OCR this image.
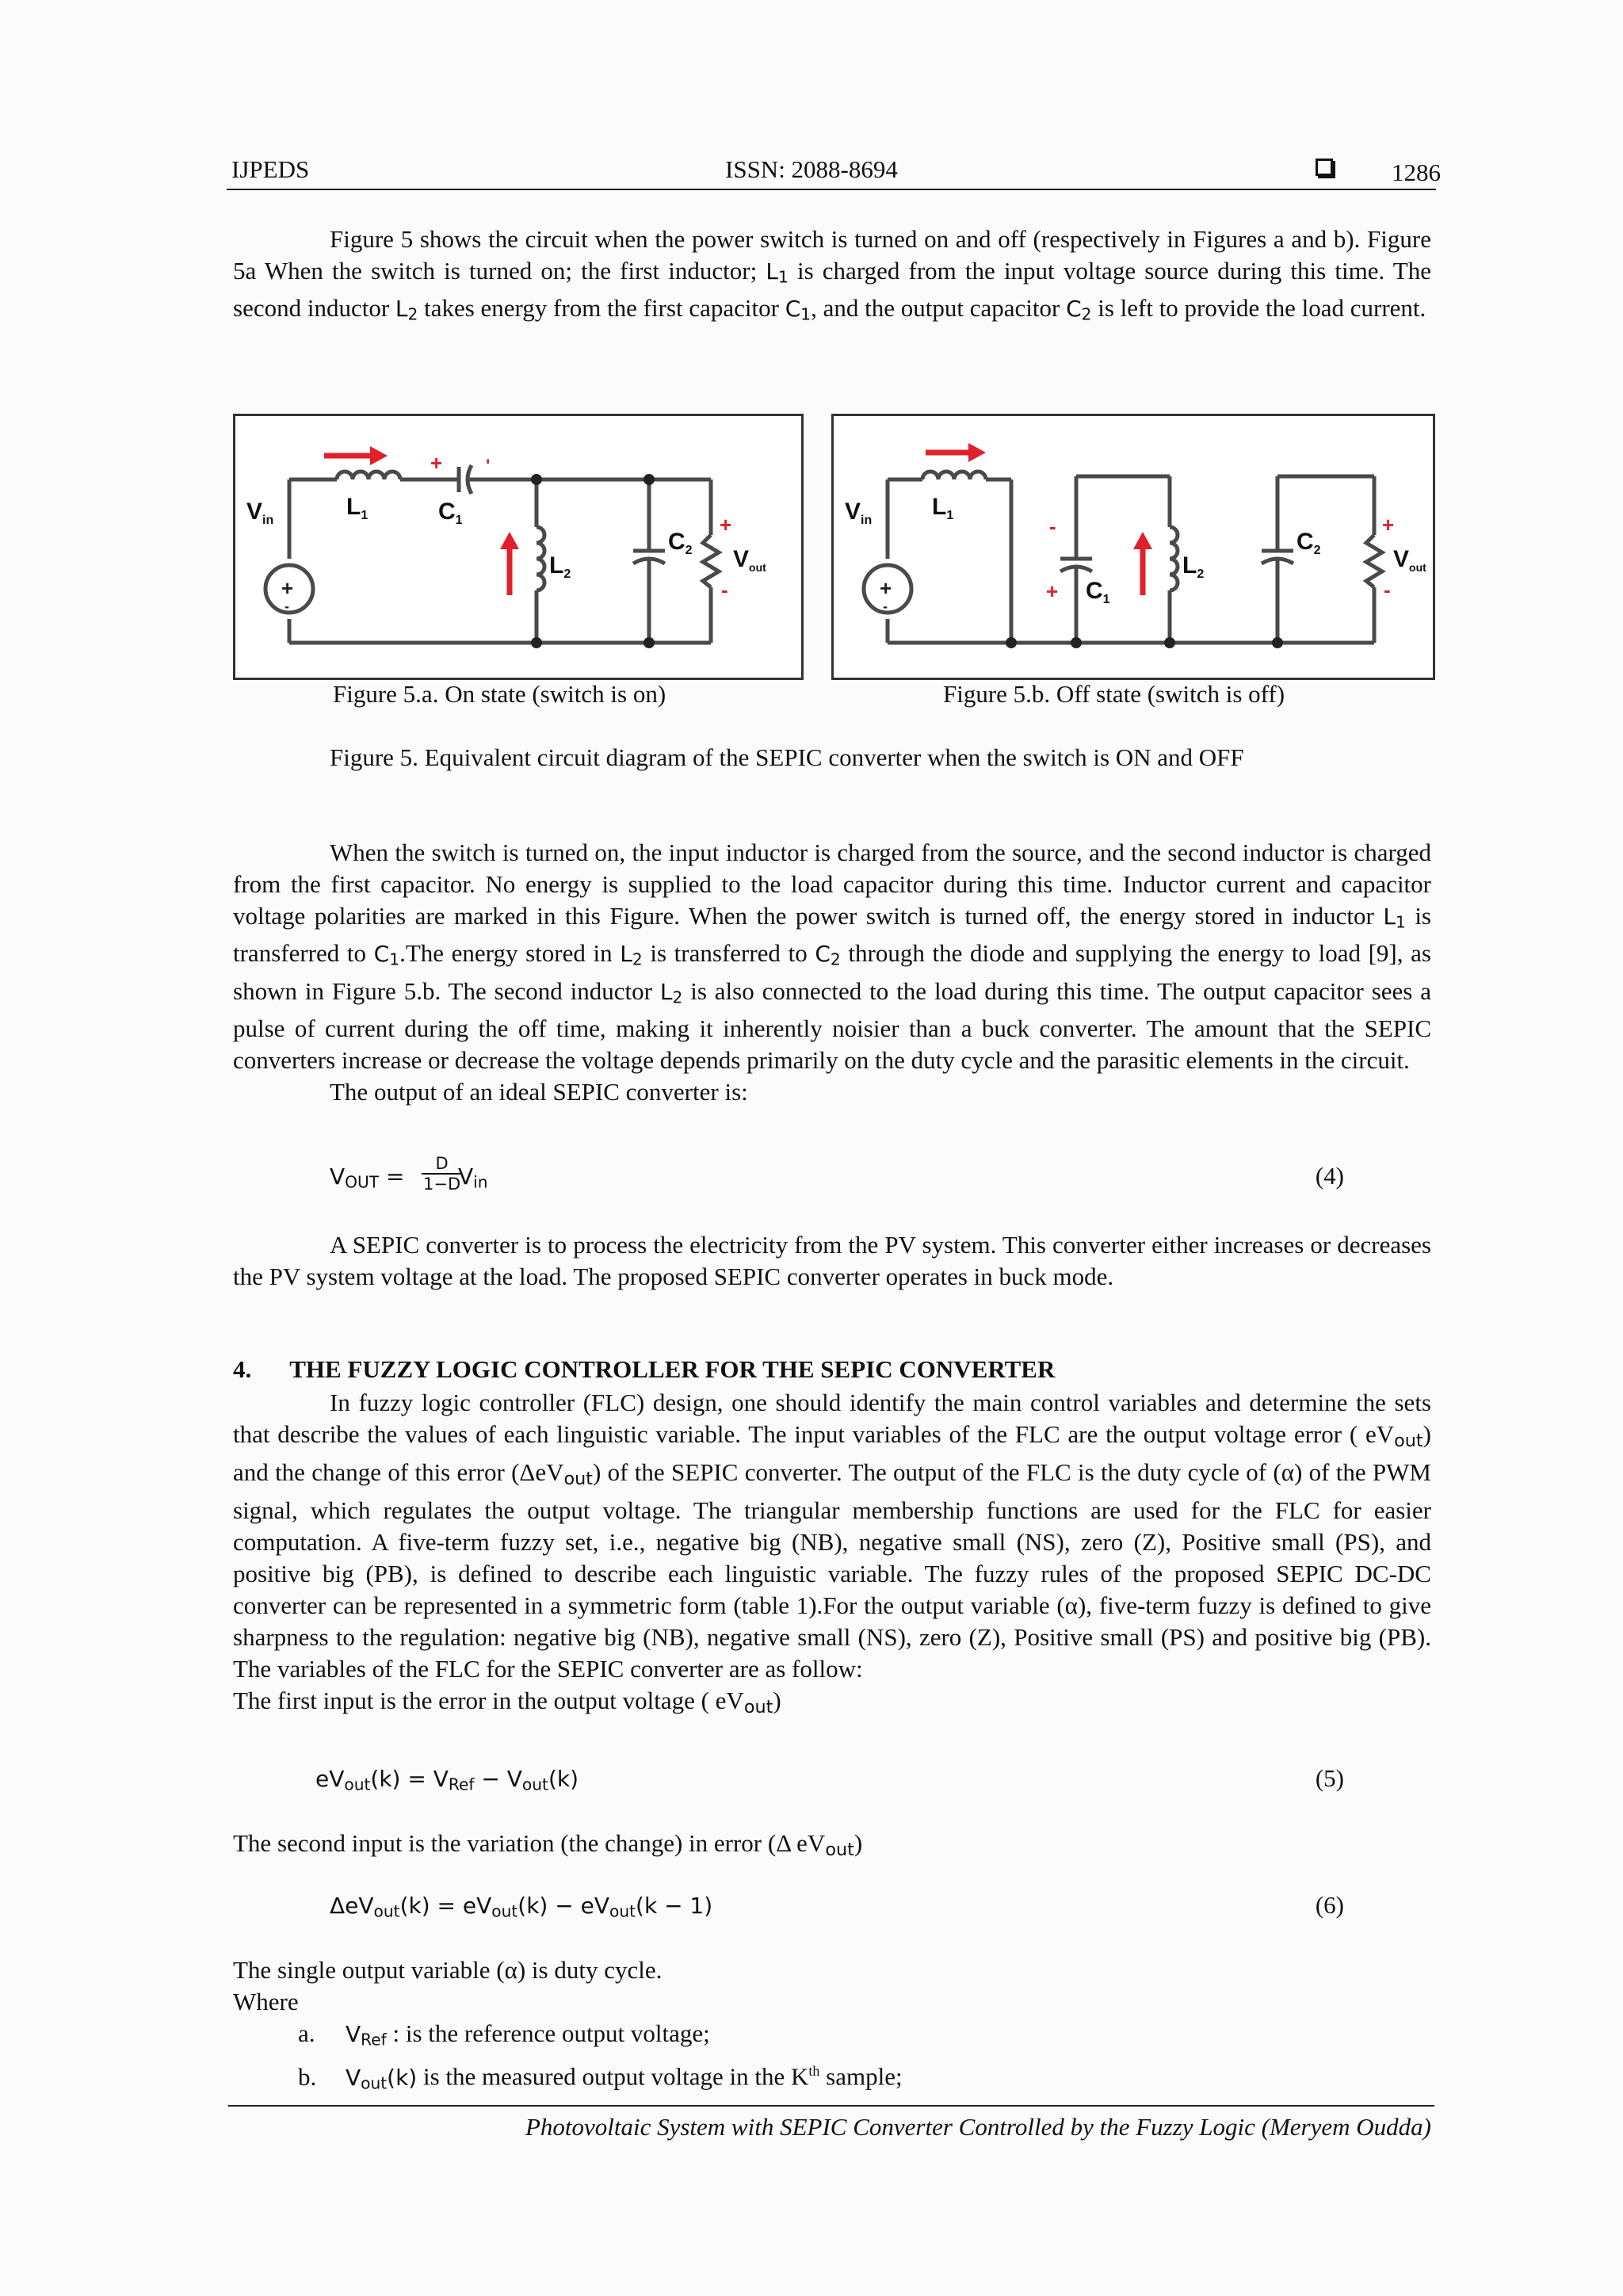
IJPEDS	ISSN: 2088-8694	1286

Figure 5 shows the circuit when the power switch is turned on and off (respectively in Figures a and b). Figure 5a When the switch is turned on; the first inductor; $L_1$ is charged from the input voltage source during this time. The second inductor $L_2$ takes energy from the first capacitor $C_1$, and the output capacitor $C_2$ is left to provide the load current.

+
-
+ '
+
-
$V_{in}$
$L_1$	$C_1$
$L_2$
$C_2$ $V_{out}$
+
-
-
+
+
-
$V_{in}$
$L_1$
$C_1$
$L_2$
$C_2$	$V_{out}$
Figure 5.a. On state (switch is on)	Figure 5.b. Off state (switch is off)
Figure 5. Equivalent circuit diagram of the SEPIC converter when the switch is ON and OFF

When the switch is turned on, the input inductor is charged from the source, and the second inductor is charged from the first capacitor. No energy is supplied to the load capacitor during this time. Inductor current and capacitor voltage polarities are marked in this Figure. When the power switch is turned off, the energy stored in inductor $L_1$ is transferred to $C_1.The$ energy stored in $L_2$ is transferred to $C_2$ through the diode and supplying the energy to load [9], as shown in Figure 5.b. The second inductor $L_2$ is also connected to the load during this time. The output capacitor sees a pulse of current during the off time, making it inherently noisier than a buck converter. The amount that the SEPIC converters increase or decrease the voltage depends primarily on the duty cycle and the parasitic elements in the circuit.

The output of an ideal SEPIC converter is:

$V_{OUT} = D$
1−D
$V_{in}$	(4)

A SEPIC converter is to process the electricity from the PV system. This converter either increases or decreases the PV system voltage at the load. The proposed SEPIC converter operates in buck mode.

4. THE FUZZY LOGIC CONTROLLER FOR THE SEPIC CONVERTER

In fuzzy logic controller (FLC) design, one should identify the main control variables and determine the sets that describe the values of each linguistic variable. The input variables of the FLC are the output voltage error ( $eV_{out}$) and the change of this error (ΔeV$_{out}$) of the SEPIC converter. The output of the FLC is the duty cycle of (α) of the PWM signal, which regulates the output voltage. The triangular membership functions are used for the FLC for easier computation. A five-term fuzzy set, i.e., negative big (NB), negative small (NS), zero (Z), Positive small (PS), and positive big (PB), is defined to describe each linguistic variable. The fuzzy rules of the proposed SEPIC DC-DC converter can be represented in a symmetric form (table 1).For the output variable (α), five-term fuzzy is defined to give sharpness to the regulation: negative big (NB), negative small (NS), zero (Z), Positive small (PS) and positive big (PB). The variables of the FLC for the SEPIC converter are as follow:

The first input is the error in the output voltage ( $eV_{out}$)

$eV_{out}(k) = V_{Ref} - V_{out}(k)$	(5)

The second input is the variation (the change) in error (Δ $eV_{out}$)

$\Delta eV_{out}(k) = eV_{out}(k) - eV_{out}(k - 1)$	(6)

The single output variable (α) is duty cycle.

Where

a. $V_{Ref}$ : is the reference output voltage;

b. $V_{out}(k)$ is the measured output voltage in the $K^{th}$ sample;

Photovoltaic System with SEPIC Converter Controlled by the Fuzzy Logic (Meryem Oudda)
